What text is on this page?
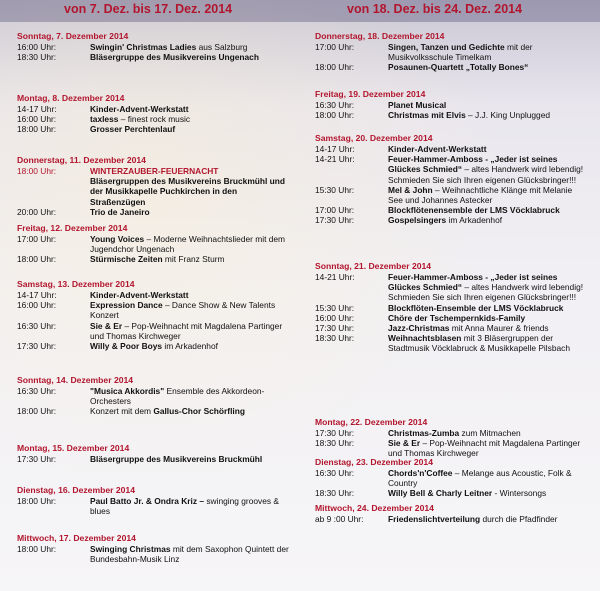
von 7. Dez. bis 17. Dez. 2014
Sonntag, 7. Dezember 2014
16:00 Uhr:	Swingin' Christmas Ladies aus Salzburg
18:30 Uhr:	Bläsergruppe des Musikvereins Ungenach
Montag, 8. Dezember 2014
14-17 Uhr:	Kinder-Advent-Werkstatt
16:00 Uhr:	taxless – finest rock music
18:00 Uhr:	Grosser Perchtenlauf
Donnerstag, 11. Dezember 2014
18:00 Uhr:	WINTERZAUBER-FEUERNACHT
Bläsergruppen des Musikvereins Bruckmühl und der Musikkapelle Puchkirchen in den Straßenzügen
20:00 Uhr:	Trio de Janeiro
Freitag, 12. Dezember 2014
17:00 Uhr:	Young Voices – Moderne Weihnachtslieder mit dem Jugendchor Ungenach
18:00 Uhr:	Stürmische Zeiten mit Franz Sturm
Samstag, 13. Dezember 2014
14-17 Uhr:	Kinder-Advent-Werkstatt
16:00 Uhr:	Expression Dance – Dance Show & New Talents Konzert
16:30 Uhr:	Sie & Er – Pop-Weihnacht mit Magdalena Partinger und Thomas Kirchweger
17:30 Uhr:	Willy & Poor Boys im Arkadenhof
Sonntag, 14. Dezember 2014
16:30 Uhr:	"Musica Akkordis" Ensemble des Akkordeon-Orchesters
18:00 Uhr:	Konzert mit dem Gallus-Chor Schörfling
Montag, 15. Dezember 2014
17:30 Uhr:	Bläsergruppe des Musikvereins Bruckmühl
Dienstag, 16. Dezember 2014
18:00 Uhr:	Paul Batto Jr. & Ondra Kriz – swinging grooves & blues
Mittwoch, 17. Dezember 2014
18:00 Uhr:	Swinging Christmas mit dem Saxophon Quintett der Bundesbahn-Musik Linz
von 18. Dez. bis 24. Dez. 2014
Donnerstag, 18. Dezember 2014
17:00 Uhr:	Singen, Tanzen und Gedichte mit der Musikvolksschule Timelkam
18:00 Uhr:	Posaunen-Quartett „Totally Bones“
Freitag, 19. Dezember 2014
16:30 Uhr:	Planet Musical
18:00 Uhr:	Christmas mit Elvis – J.J. King Unplugged
Samstag, 20. Dezember 2014
14-17 Uhr:	Kinder-Advent-Werkstatt
14-21 Uhr:	Feuer-Hammer-Amboss - „Jeder ist seines Glückes Schmied“ – altes Handwerk wird lebendig! Schmieden Sie sich Ihren eigenen Glücksbringer!!!
15:30 Uhr:	Mel & John – Weihnachtliche Klänge mit Melanie See und Johannes Astecker
17:00 Uhr:	Blockflötenensemble der LMS Vöcklabruck
17:30 Uhr:	Gospelsingers im Arkadenhof
Sonntag, 21. Dezember 2014
14-21 Uhr:	Feuer-Hammer-Amboss - „Jeder ist seines Glückes Schmied“ – altes Handwerk wird lebendig! Schmieden Sie sich Ihren eigenen Glücksbringer!!!
15:30 Uhr:	Blockflöten-Ensemble der LMS Vöcklabruck
16:00 Uhr:	Chöre der Tschempernkids-Family
17:30 Uhr:	Jazz-Christmas mit Anna Maurer & friends
18:30 Uhr:	Weihnachtsblasen mit 3 Bläsergruppen der Stadtmusik Vöcklabruck & Musikkapelle Pilsbach
Montag, 22. Dezember 2014
17:30 Uhr:	Christmas-Zumba zum Mitmachen
18:30 Uhr:	Sie & Er – Pop-Weihnacht mit Magdalena Partinger und Thomas Kirchweger
Dienstag, 23. Dezember 2014
16:30 Uhr:	Chords'n'Coffee – Melange aus Acoustic, Folk & Country
18:30 Uhr:	Willy Bell & Charly Leitner - Wintersongs
Mittwoch, 24. Dezember 2014
ab 9 :00 Uhr:	Friedenslichtverteilung durch die Pfadfinder
